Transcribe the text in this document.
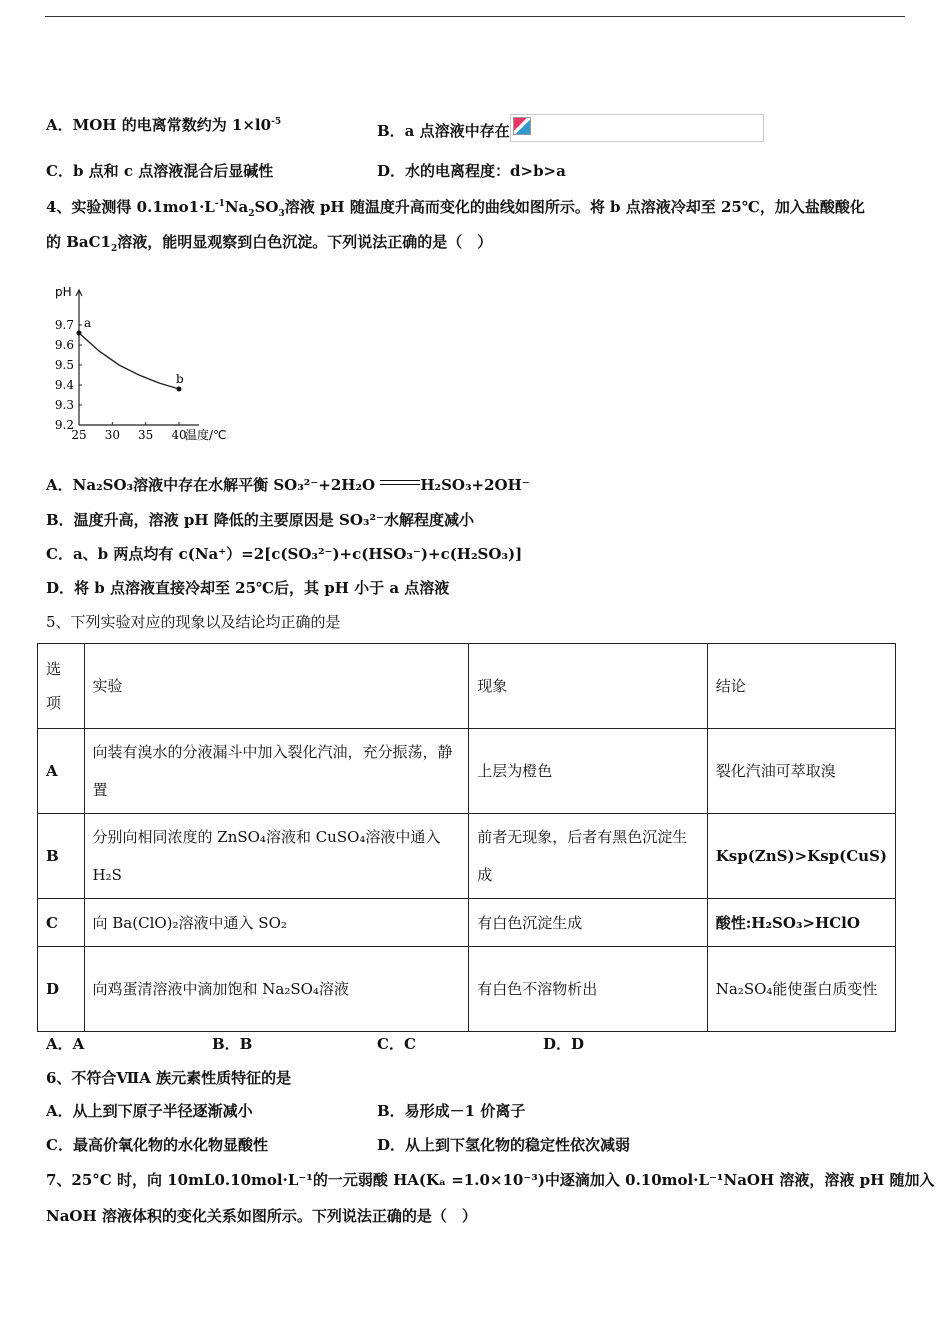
A．MOH 的电离常数约为 $1\times l0^{-5}$	B．a 点溶液中存在
C．b 点和 c 点溶液混合后显碱性	D．水的电离程度：d>b>a
4、实验测得 $0.1mo1\cdot L^{-1}Na_2SO_3$溶液 pH 随温度升高而变化的曲线如图所示。将 b 点溶液冷却至 25℃，加入盐酸酸化
的 $BaC1_2$溶液，能明显观察到白色沉淀。下列说法正确的是（　）
25 30 35 40
9.2
9.3
9.4
9.5
9.6
9.7 a
b
pH
温度/℃
A．Na₂SO₃溶液中存在水解平衡 SO₃²⁻+2H₂O	H₂SO₃+2OH⁻
B．温度升高，溶液 pH 降低的主要原因是 SO₃²⁻水解程度减小
C．a、b 两点均有 c(Na⁺）=2[c(SO₃²⁻)+c(HSO₃⁻)+c(H₂SO₃)]
D．将 b 点溶液直接冷却至 25℃后，其 pH 小于 a 点溶液
5、下列实验对应的现象以及结论均正确的是
选项	实验	现象	结论
A	向装有溴水的分液漏斗中加入裂化汽油，充分振荡，静置	上层为橙色	裂化汽油可萃取溴
B	分别向相同浓度的 ZnSO₄溶液和 CuSO₄溶液中通入 H₂S	前者无现象，后者有黑色沉淀生成	Ksp(ZnS)>Ksp(CuS)
C	向 Ba(ClO)₂溶液中通入 SO₂	有白色沉淀生成	酸性:H₂SO₃>HClO
D	向鸡蛋清溶液中滴加饱和 Na₂SO₄溶液	有白色不溶物析出	Na₂SO₄能使蛋白质变性
A．A	B．B	C．C	D．D
6、不符合ⅦA 族元素性质特征的是
A．从上到下原子半径逐渐减小	B．易形成－1 价离子
C．最高价氧化物的水化物显酸性	D．从上到下氢化物的稳定性依次减弱
7、25°C 时，向 10mL0.10mol·L⁻¹的一元弱酸 HA(Kₐ =1.0×10⁻³)中逐滴加入 0.10mol·L⁻¹NaOH 溶液，溶液 pH 随加入
NaOH 溶液体积的变化关系如图所示。下列说法正确的是（　）
